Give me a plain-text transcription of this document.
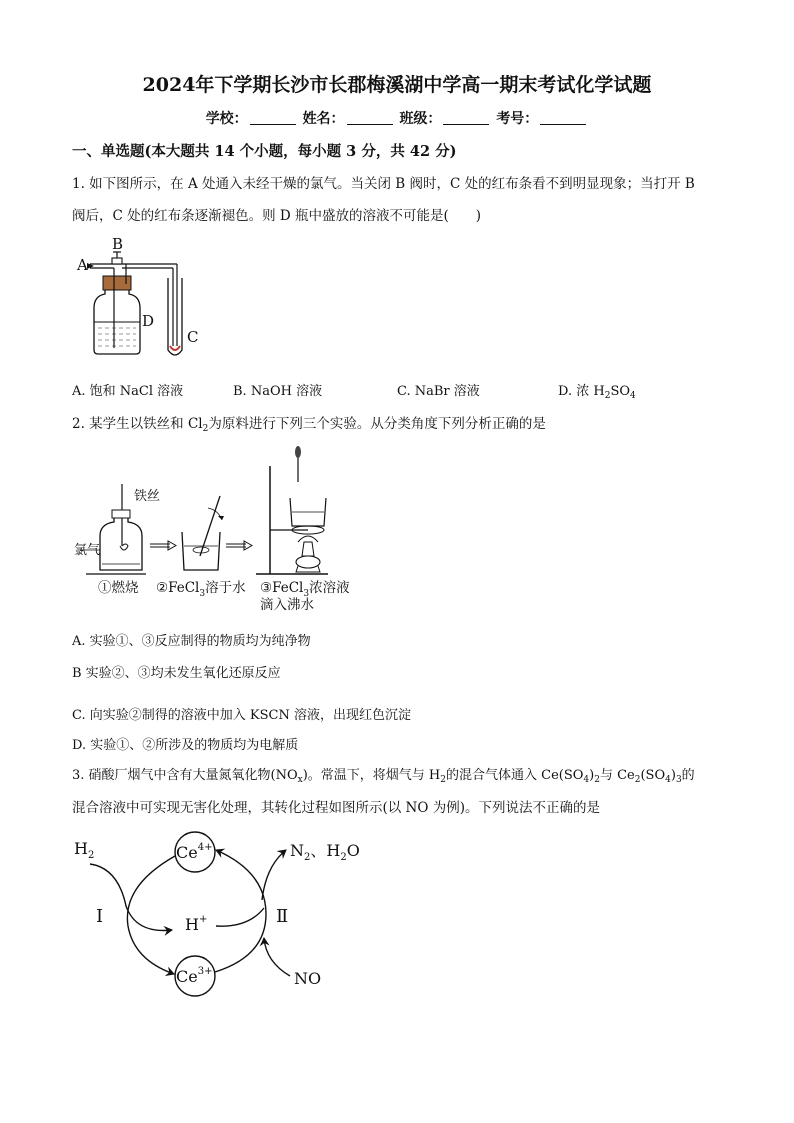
2024年下学期长沙市长郡梅溪湖中学高一期末考试化学试题
学校：	姓名：	班级：	考号：
一、单选题(本大题共 14 个小题，每小题 3 分，共 42 分)
1. 如下图所示，在 A 处通入未经干燥的氯气。当关闭 B 阀时，C 处的红布条看不到明显现象；当打开 B
阀后，C 处的红布条逐渐褪色。则 D 瓶中盛放的溶液不可能是(　　)
A
B
D
C
A. 饱和 NaCl 溶液	B. NaOH 溶液	C. NaBr 溶液	D. 浓 $H_2SO_4$
2. 某学生以铁丝和 $Cl_2$为原料进行下列三个实验。从分类角度下列分析正确的是
铁丝
氯气
①燃烧 ②FeCl$_3$溶于水 ③FeCl$_3$浓溶液
滴入沸水
A. 实验①、③反应制得的物质均为纯净物
B 实验②、③均未发生氧化还原反应
C. 向实验②制得的溶液中加入 KSCN 溶液，出现红色沉淀
D. 实验①、②所涉及的物质均为电解质
3. 硝酸厂烟气中含有大量氮氧化物$(NO_x)$。常温下，将烟气与 $H_2$的混合气体通入 $Ce(SO_4)_2$与 $Ce_2(SO_4)_3$的
混合溶液中可实现无害化处理，其转化过程如图所示(以 NO 为例)。下列说法不正确的是
$Ce^{4+}$
$Ce^{3+}$
H+
$H_2$	$N_2$、$H_2O$
NO
Ⅰ	Ⅱ
